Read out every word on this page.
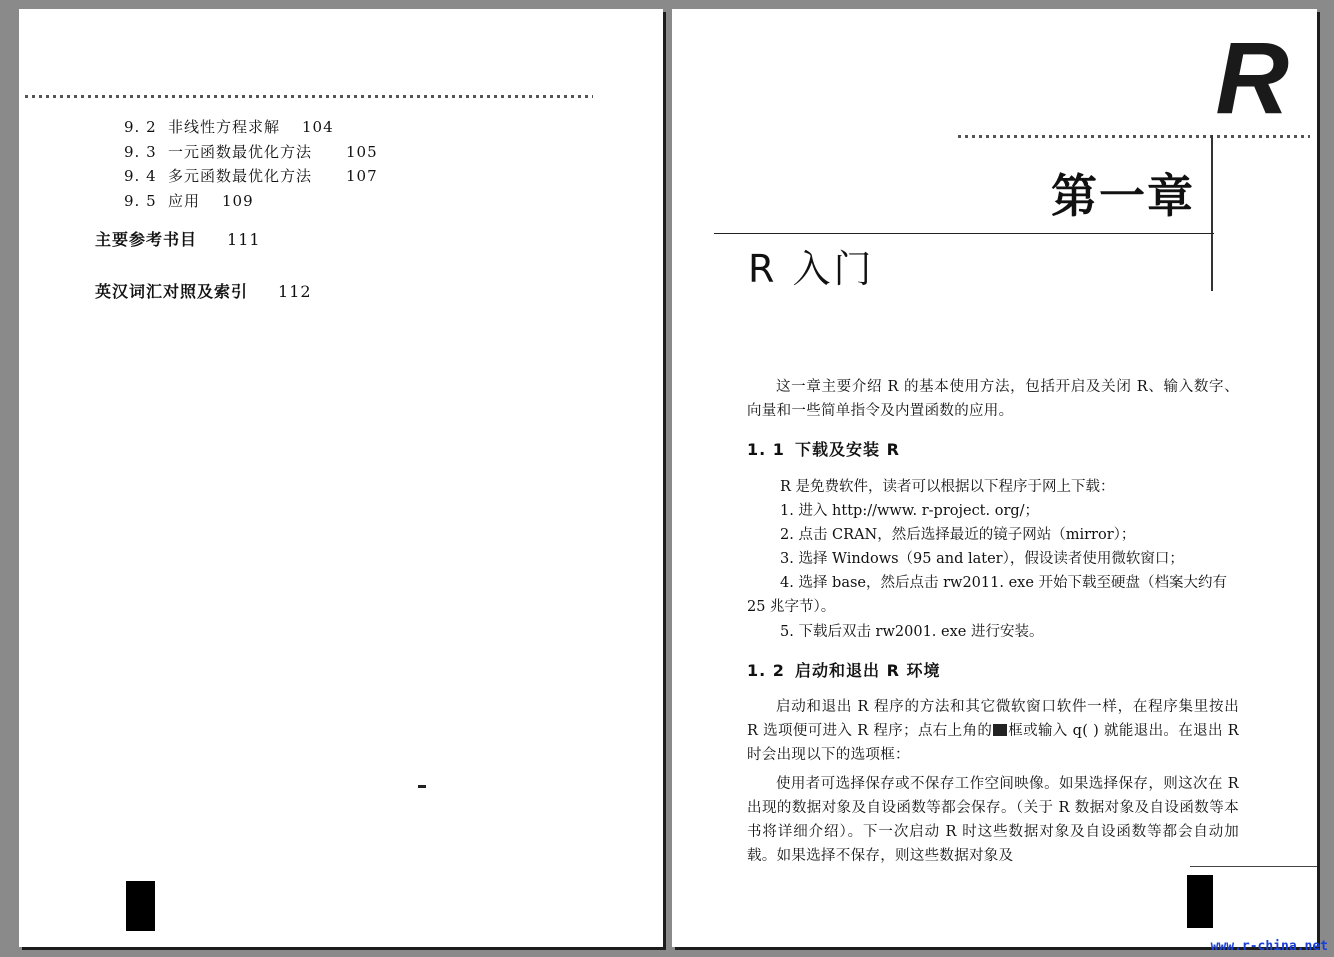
9. 2 非线性方程求解 104
9. 3 一元函数最优化方法 105
9. 4 多元函数最优化方法 107
9. 5 应用 109
主要参考书目 111
英汉词汇对照及索引 112
R
第一章
R 入门
这一章主要介绍 R 的基本使用方法，包括开启及关闭 R、输入数字、向量和一些简单指令及内置函数的应用。
1. 1 下载及安装 R
R 是免费软件，读者可以根据以下程序于网上下载：
1. 进入 http://www. r-project. org/；
2. 点击 CRAN，然后选择最近的镜子网站（mirror）；
3. 选择 Windows（95 and later），假设读者使用微软窗口；
4. 选择 base，然后点击 rw2011. exe 开始下载至硬盘（档案大约有 25 兆字节）。
5. 下载后双击 rw2001. exe 进行安装。
1. 2 启动和退出 R 环境
启动和退出 R 程序的方法和其它微软窗口软件一样，在程序集里按出 R 选项便可进入 R 程序；点右上角的× 框或输入 q( ) 就能退出。在退出 R 时会出现以下的选项框：
使用者可选择保存或不保存工作空间映像。如果选择保存，则这次在 R 出现的数据对象及自设函数等都会保存。（关于 R 数据对象及自设函数等本书将详细介绍）。下一次启动 R 时这些数据对象及自设函数等都会自动加载。如果选择不保存，则这些数据对象及
www.r-china.net
